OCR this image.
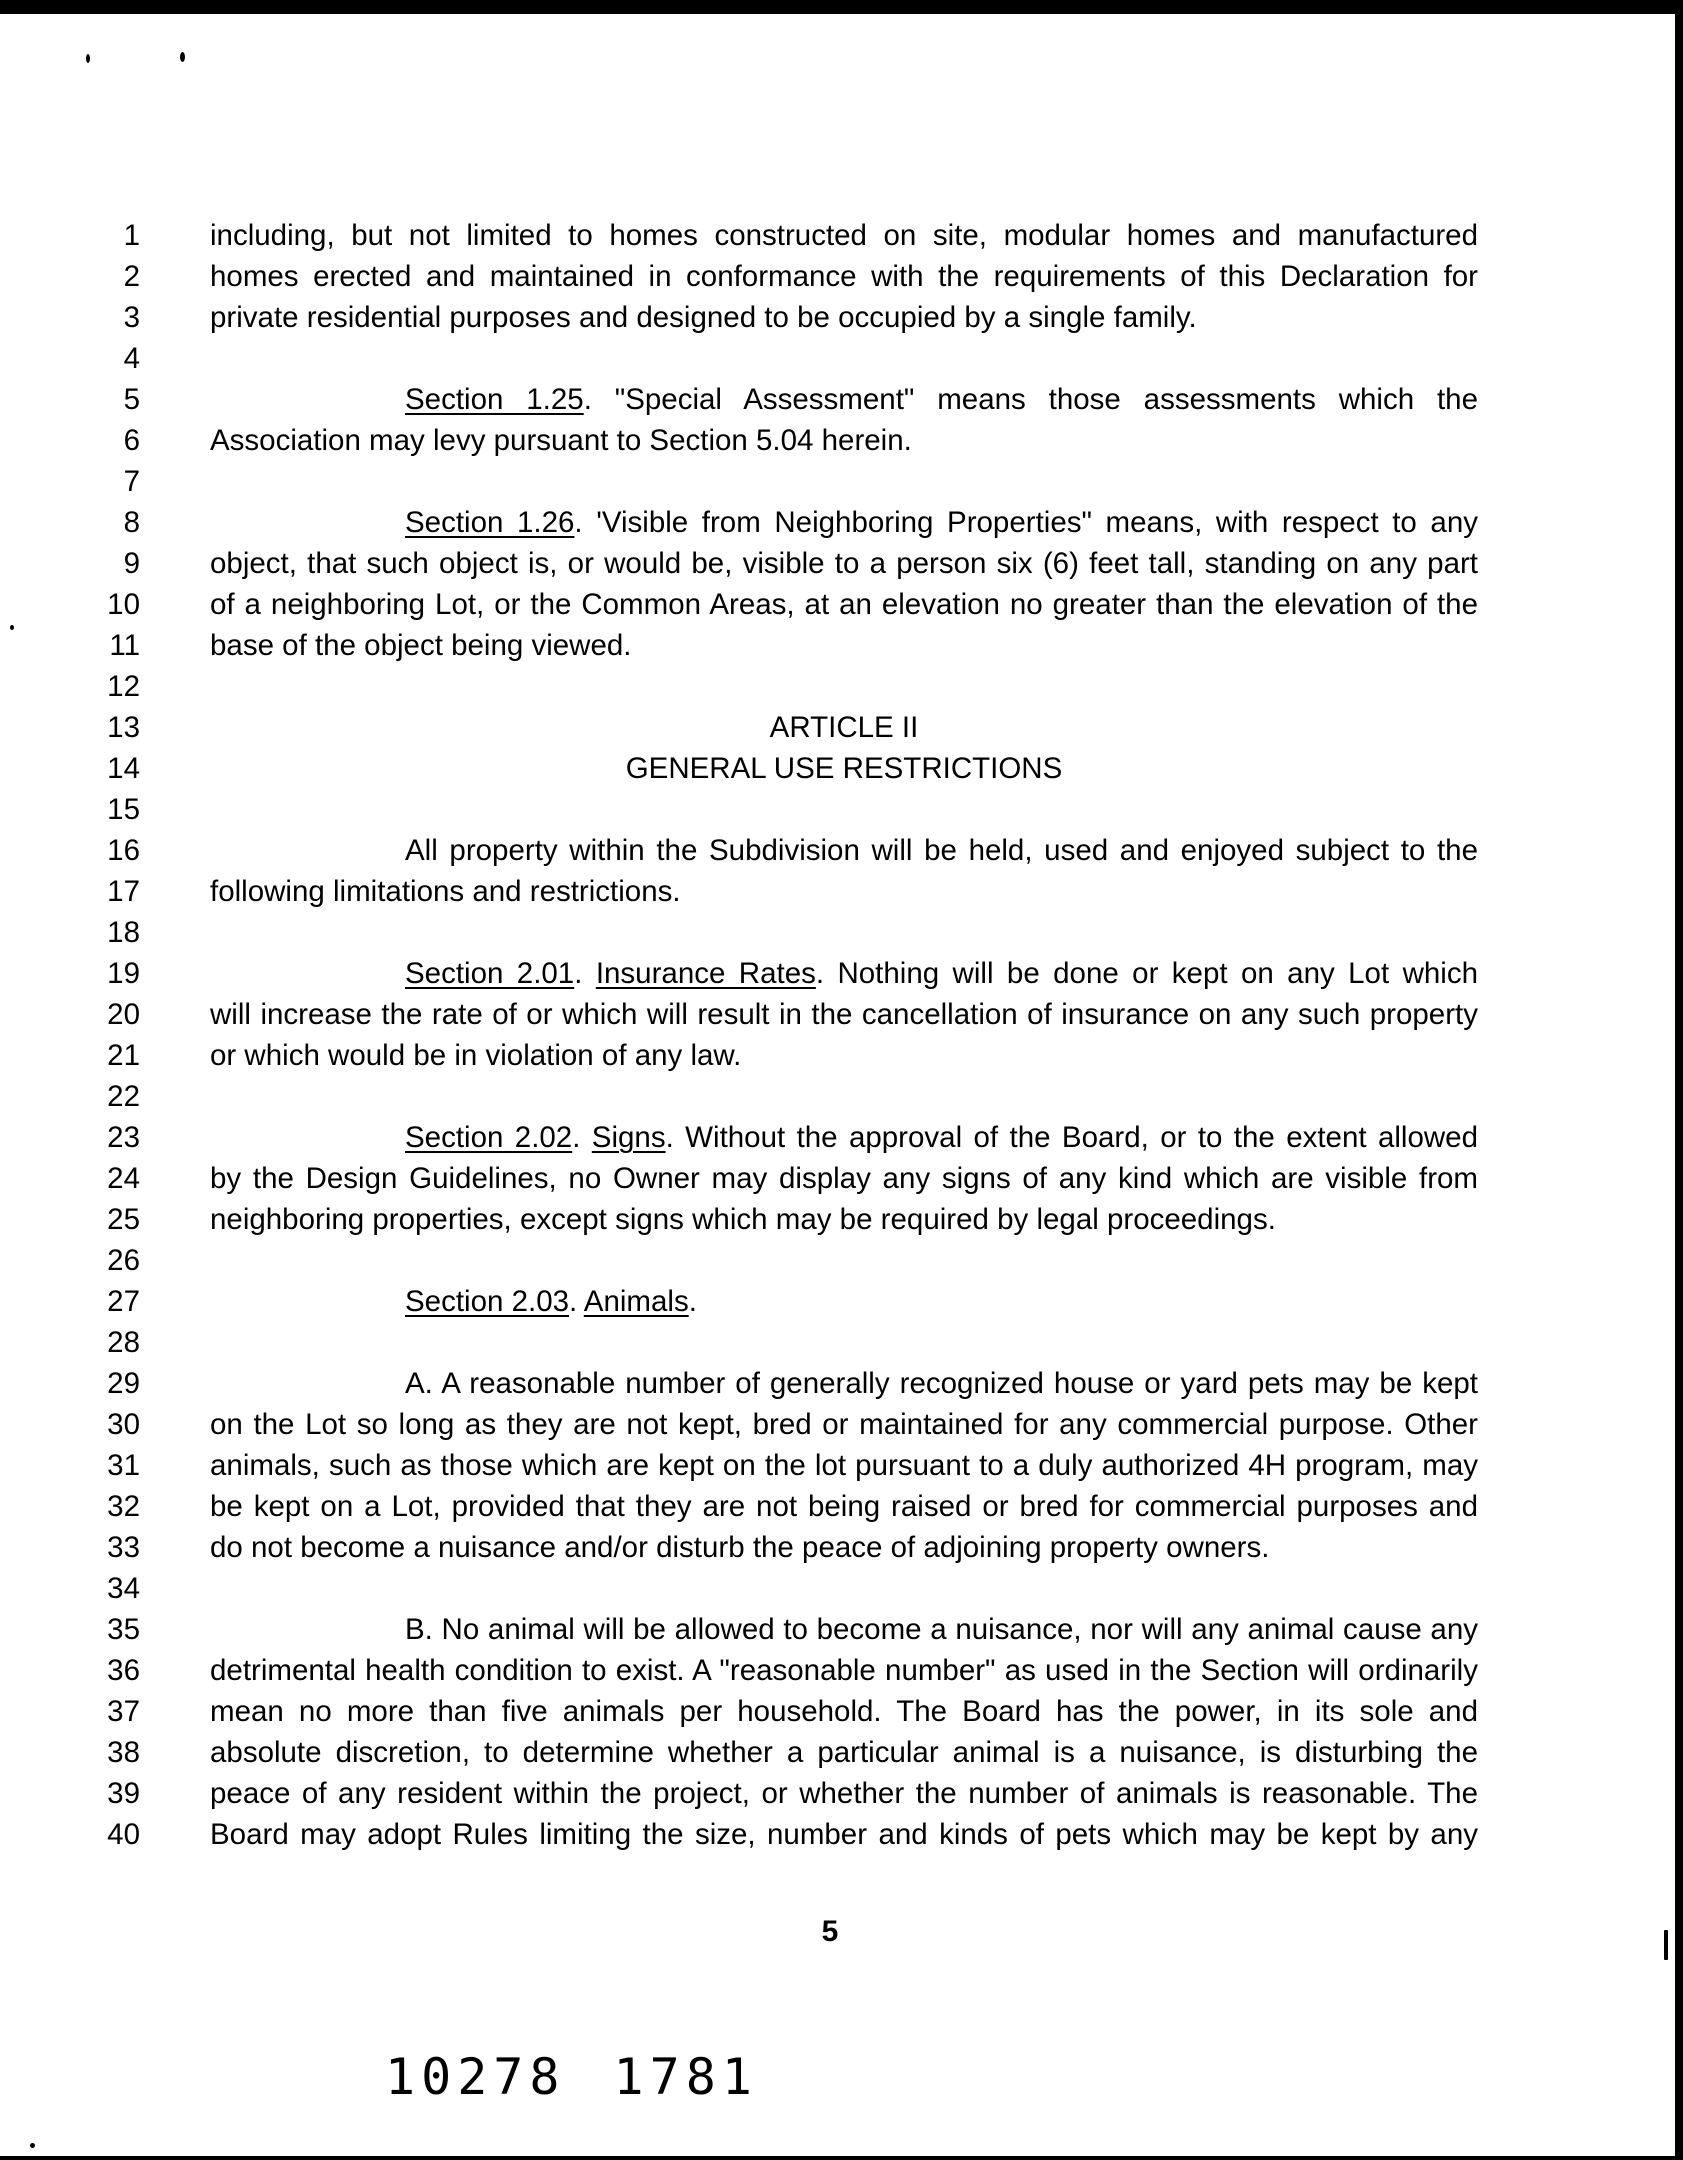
1 including, but not limited to homes constructed on site, modular homes and manufactured
2 homes erected and maintained in conformance with the requirements of this Declaration for
3 private residential purposes and designed to be occupied by a single family.
4
5	Section 1.25. "Special Assessment" means those assessments which the
6 Association may levy pursuant to Section 5.04 herein.
7
8	Section 1.26. 'Visible from Neighboring Properties" means, with respect to any
9 object, that such object is, or would be, visible to a person six (6) feet tall, standing on any part
10 of a neighboring Lot, or the Common Areas, at an elevation no greater than the elevation of the
11 base of the object being viewed.
12
13	ARTICLE II
14	GENERAL USE RESTRICTIONS
15
16	All property within the Subdivision will be held, used and enjoyed subject to the
17 following limitations and restrictions.
18
19	Section 2.01. Insurance Rates. Nothing will be done or kept on any Lot which
20 will increase the rate of or which will result in the cancellation of insurance on any such property
21 or which would be in violation of any law.
22
23	Section 2.02. Signs. Without the approval of the Board, or to the extent allowed
24 by the Design Guidelines, no Owner may display any signs of any kind which are visible from
25 neighboring properties, except signs which may be required by legal proceedings.
26
27	Section 2.03. Animals.
28
29	A. A reasonable number of generally recognized house or yard pets may be kept
30 on the Lot so long as they are not kept, bred or maintained for any commercial purpose. Other
31 animals, such as those which are kept on the lot pursuant to a duly authorized 4H program, may
32 be kept on a Lot, provided that they are not being raised or bred for commercial purposes and
33 do not become a nuisance and/or disturb the peace of adjoining property owners.
34
35	B. No animal will be allowed to become a nuisance, nor will any animal cause any
36 detrimental health condition to exist. A "reasonable number" as used in the Section will ordinarily
37 mean no more than five animals per household. The Board has the power, in its sole and
38 absolute discretion, to determine whether a particular animal is a nuisance, is disturbing the
39 peace of any resident within the project, or whether the number of animals is reasonable. The
40 Board may adopt Rules limiting the size, number and kinds of pets which may be kept by any
5
10278 1781
